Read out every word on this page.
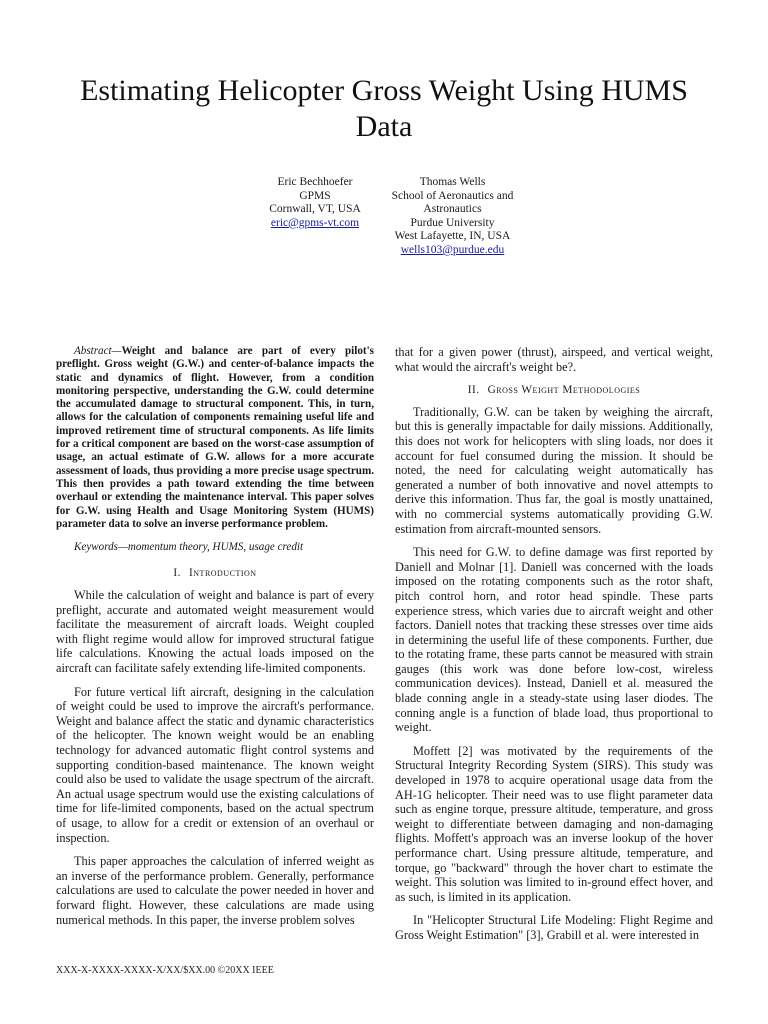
Estimating Helicopter Gross Weight Using HUMS Data
Eric Bechhoefer
GPMS
Cornwall, VT, USA
eric@gpms-vt.com
Thomas Wells
School of Aeronautics and
Astronautics
Purdue University
West Lafayette, IN, USA
wells103@purdue.edu

Abstract—Weight and balance are part of every pilot's preflight. Gross weight (G.W.) and center-of-balance impacts the static and dynamics of flight. However, from a condition monitoring perspective, understanding the G.W. could determine the accumulated damage to structural component. This, in turn, allows for the calculation of components remaining useful life and improved retirement time of structural components. As life limits for a critical component are based on the worst-case assumption of usage, an actual estimate of G.W. allows for a more accurate assessment of loads, thus providing a more precise usage spectrum. This then provides a path toward extending the time between overhaul or extending the maintenance interval. This paper solves for G.W. using Health and Usage Monitoring System (HUMS) parameter data to solve an inverse performance problem.

Keywords—momentum theory, HUMS, usage credit

I. Introduction

While the calculation of weight and balance is part of every preflight, accurate and automated weight measurement would facilitate the measurement of aircraft loads. Weight coupled with flight regime would allow for improved structural fatigue life calculations. Knowing the actual loads imposed on the aircraft can facilitate safely extending life-limited components.

For future vertical lift aircraft, designing in the calculation of weight could be used to improve the aircraft's performance. Weight and balance affect the static and dynamic characteristics of the helicopter. The known weight would be an enabling technology for advanced automatic flight control systems and supporting condition-based maintenance. The known weight could also be used to validate the usage spectrum of the aircraft. An actual usage spectrum would use the existing calculations of time for life-limited components, based on the actual spectrum of usage, to allow for a credit or extension of an overhaul or inspection.

This paper approaches the calculation of inferred weight as an inverse of the performance problem. Generally, performance calculations are used to calculate the power needed in hover and forward flight. However, these calculations are made using numerical methods. In this paper, the inverse problem solves

that for a given power (thrust), airspeed, and vertical weight, what would the aircraft's weight be?.

II. Gross Weight Methodologies

Traditionally, G.W. can be taken by weighing the aircraft, but this is generally impactable for daily missions. Additionally, this does not work for helicopters with sling loads, nor does it account for fuel consumed during the mission. It should be noted, the need for calculating weight automatically has generated a number of both innovative and novel attempts to derive this information. Thus far, the goal is mostly unattained, with no commercial systems automatically providing G.W. estimation from aircraft-mounted sensors.

This need for G.W. to define damage was first reported by Daniell and Molnar [1]. Daniell was concerned with the loads imposed on the rotating components such as the rotor shaft, pitch control horn, and rotor head spindle. These parts experience stress, which varies due to aircraft weight and other factors. Daniell notes that tracking these stresses over time aids in determining the useful life of these components. Further, due to the rotating frame, these parts cannot be measured with strain gauges (this work was done before low-cost, wireless communication devices). Instead, Daniell et al. measured the blade conning angle in a steady-state using laser diodes. The conning angle is a function of blade load, thus proportional to weight.

Moffett [2] was motivated by the requirements of the Structural Integrity Recording System (SIRS). This study was developed in 1978 to acquire operational usage data from the AH-1G helicopter. Their need was to use flight parameter data such as engine torque, pressure altitude, temperature, and gross weight to differentiate between damaging and non-damaging flights. Moffett's approach was an inverse lookup of the hover performance chart. Using pressure altitude, temperature, and torque, go "backward" through the hover chart to estimate the weight. This solution was limited to in-ground effect hover, and as such, is limited in its application.

In "Helicopter Structural Life Modeling: Flight Regime and Gross Weight Estimation" [3], Grabill et al. were interested in

XXX-X-XXXX-XXXX-X/XX/$XX.00 ©20XX IEEE
